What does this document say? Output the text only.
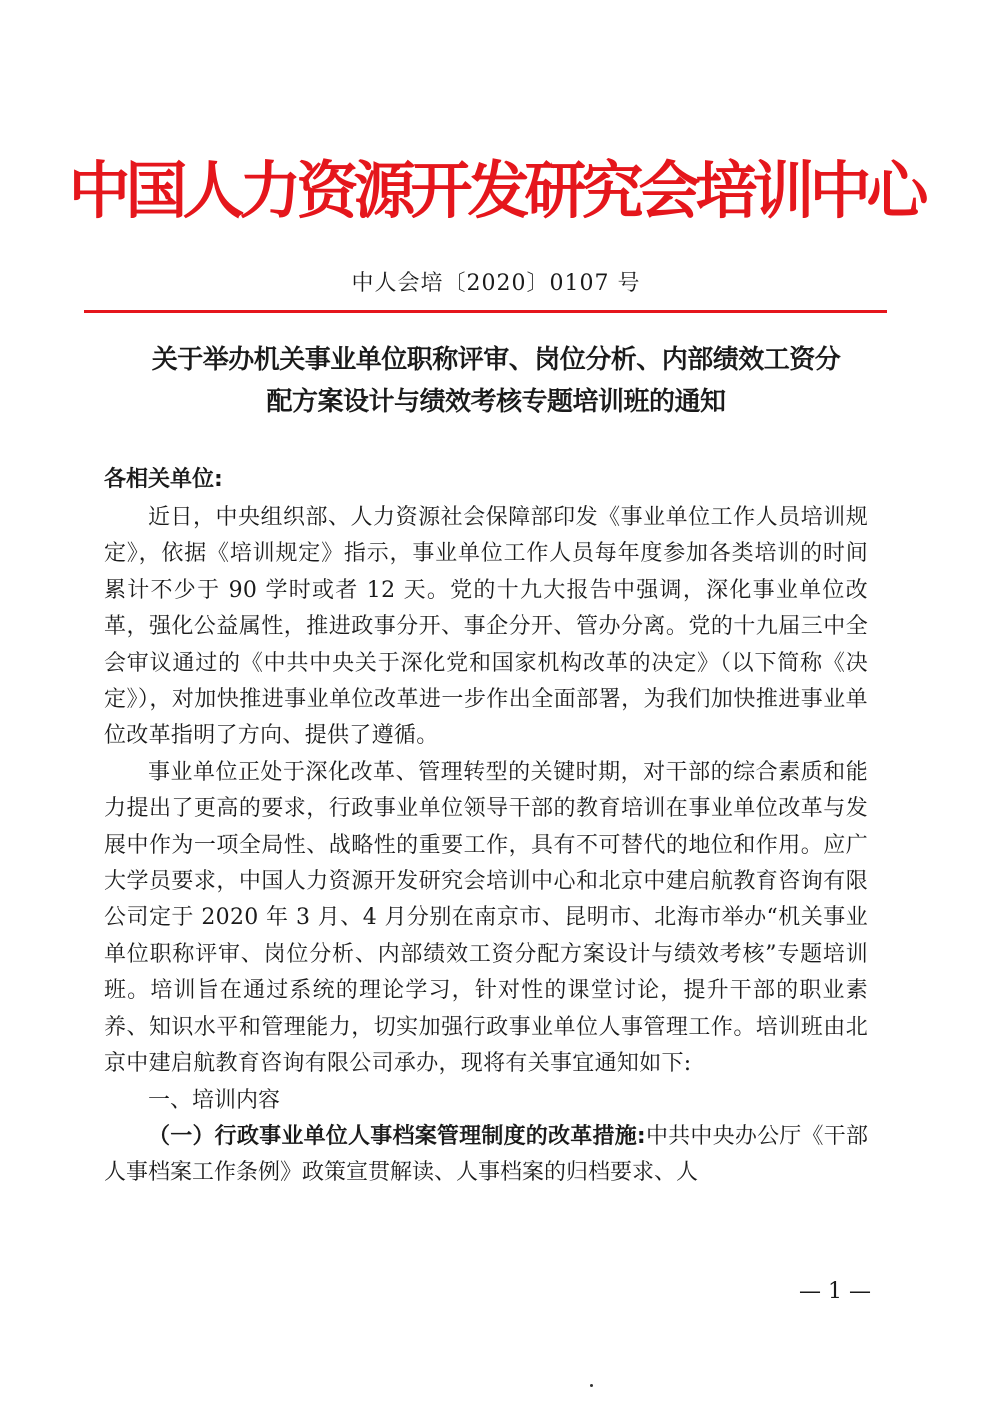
中国人力资源开发研究会培训中心
中人会培〔2020〕0107 号
关于举办机关事业单位职称评审、岗位分析、内部绩效工资分
配方案设计与绩效考核专题培训班的通知
各相关单位:

近日，中央组织部、人力资源社会保障部印发《事业单位工作人员培训规定》，依据《培训规定》指示，事业单位工作人员每年度参加各类培训的时间累计不少于 90 学时或者 12 天。党的十九大报告中强调，深化事业单位改革，强化公益属性，推进政事分开、事企分开、管办分离。党的十九届三中全会审议通过的《中共中央关于深化党和国家机构改革的决定》（以下简称《决定》），对加快推进事业单位改革进一步作出全面部署，为我们加快推进事业单位改革指明了方向、提供了遵循。

事业单位正处于深化改革、管理转型的关键时期，对干部的综合素质和能力提出了更高的要求，行政事业单位领导干部的教育培训在事业单位改革与发展中作为一项全局性、战略性的重要工作，具有不可替代的地位和作用。应广大学员要求，中国人力资源开发研究会培训中心和北京中建启航教育咨询有限公司定于 2020 年 3 月、4 月分别在南京市、昆明市、北海市举办“机关事业单位职称评审、岗位分析、内部绩效工资分配方案设计与绩效考核”专题培训班。培训旨在通过系统的理论学习，针对性的课堂讨论，提升干部的职业素养、知识水平和管理能力，切实加强行政事业单位人事管理工作。培训班由北京中建启航教育咨询有限公司承办，现将有关事宜通知如下:

一、培训内容

（一）行政事业单位人事档案管理制度的改革措施:中共中央办公厅《干部人事档案工作条例》政策宣贯解读、人事档案的归档要求、人

— 1 —
